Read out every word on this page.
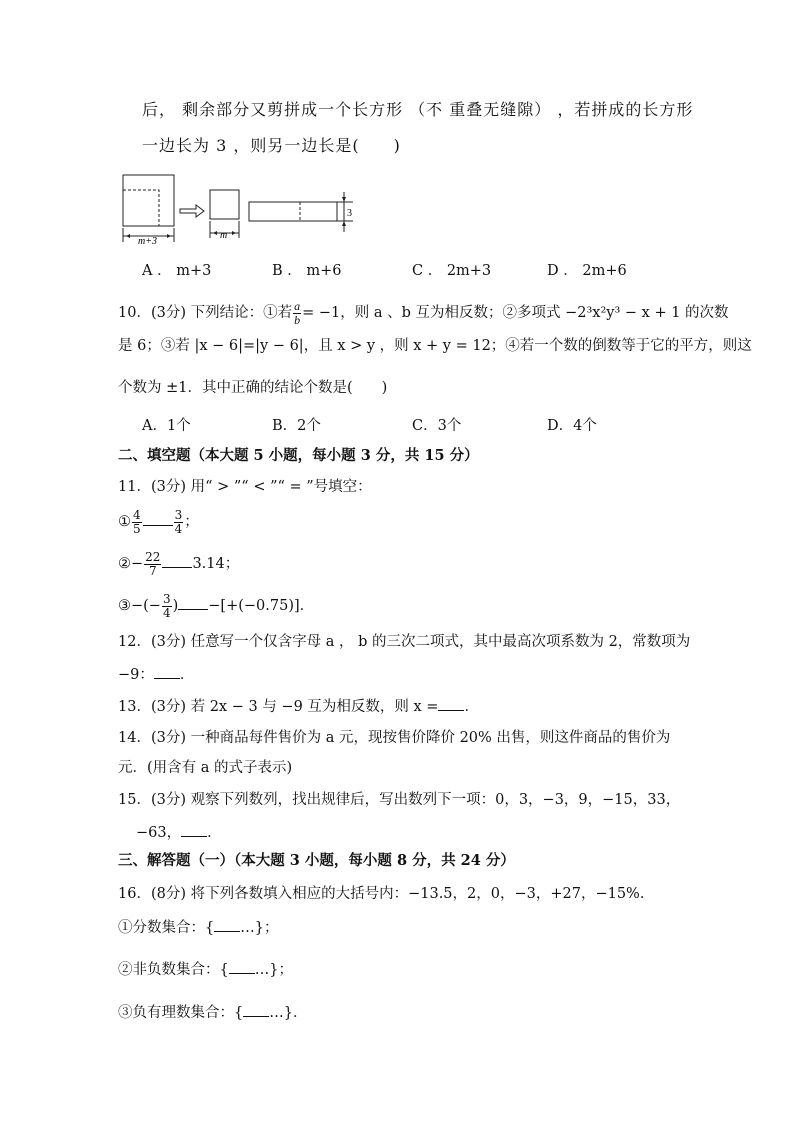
后， 剩余部分又剪拼成一个长方形 （不 重叠无缝隙） ，若拼成的长方形
一边长为 3 ，则另一边长是(　　)
m+3
m
3
A ． m+3	B ． m+6	C ． 2m+3	D ． 2m+6
10．(3分) 下列结论：①若 $\frac{a}{b} = -1$，则 a 、b 互为相反数；②多项式 −2³x²y³ − x + 1 的次数
是 6；③若 |x − 6|=|y − 6|，且 x > y ，则 x + y = 12；④若一个数的倒数等于它的平方，则这
个数为 ±1．其中正确的结论个数是(　　)
A．1个	B．2个	C．3个	D．4个
二、填空题（本大题 5 小题，每小题 3 分，共 15 分）
11．(3分) 用“ > ”“ < ”“ = ”号填空：
① $\frac{4}{5}$	$\frac{3}{4}$ ；
②− $\frac{22}{7} 3.14$；
③−(− $\frac{3}{4}$ ) −[+(−0.75)]．
12．(3分) 任意写一个仅含字母 a ， b 的三次二项式，其中最高次项系数为 2，常数项为
−9： ．
13．(3分) 若 2x − 3 与 −9 互为相反数，则 x = ．
14．(3分) 一种商品每件售价为 a 元，现按售价降价 20% 出售，则这件商品的售价为
元．(用含有 a 的式子表示)
15．(3分) 观察下列数列，找出规律后，写出数列下一项：0，3，−3，9，−15，33，
−63， ．
三、解答题（一）（本大题 3 小题，每小题 8 分，共 24 分）
16．(8分) 将下列各数填入相应的大括号内：−13.5，2，0，−3，+27，−15%．
①分数集合：{ …}；
②非负数集合：{ …}；
③负有理数集合：{ …}．
